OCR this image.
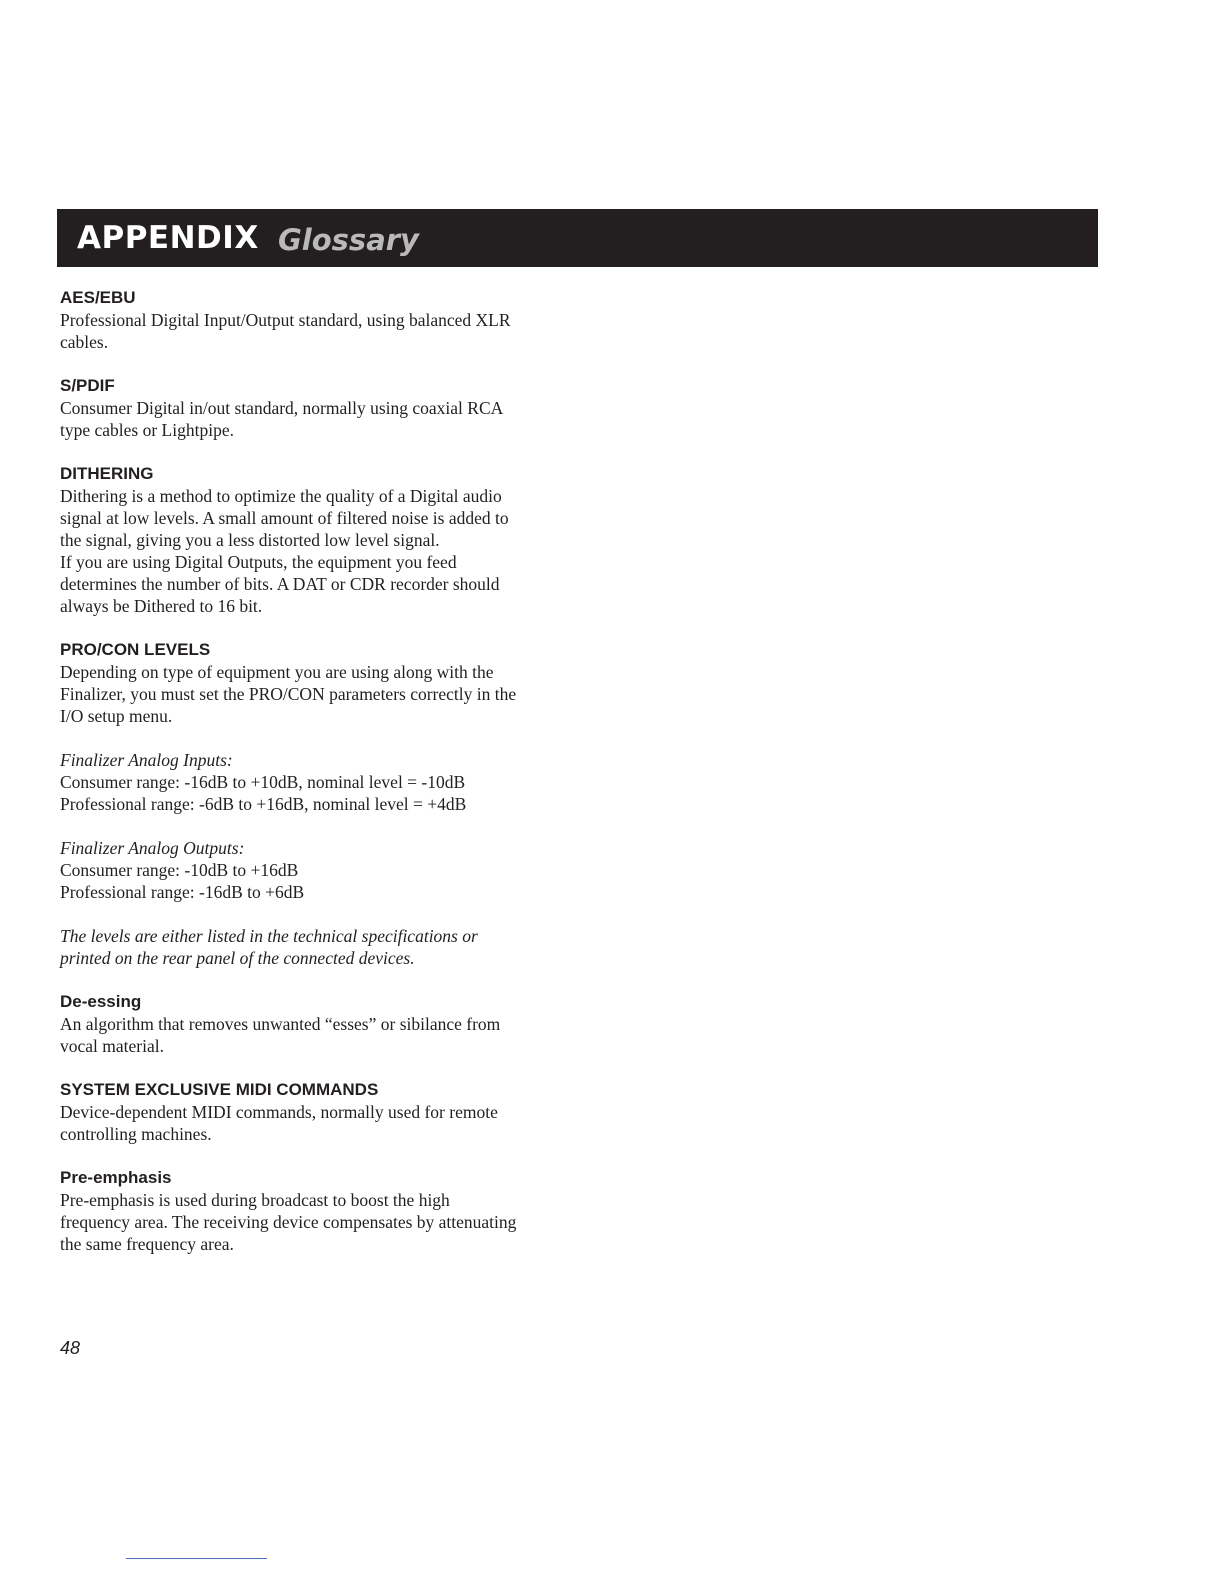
APPENDIX Glossary
AES/EBU
Professional Digital Input/Output standard, using balanced XLR
cables.
S/PDIF
Consumer Digital in/out standard, normally using coaxial RCA
type cables or Lightpipe.
DITHERING
Dithering is a method to optimize the quality of a Digital audio
signal at low levels. A small amount of filtered noise is added to
the signal, giving you a less distorted low level signal.
If you are using Digital Outputs, the equipment you feed
determines the number of bits. A DAT or CDR recorder should
always be Dithered to 16 bit.
PRO/CON LEVELS
Depending on type of equipment you are using along with the
Finalizer, you must set the PRO/CON parameters correctly in the
I/O setup menu.
Finalizer Analog Inputs:
Consumer range: -16dB to +10dB, nominal level = -10dB
Professional range: -6dB to +16dB, nominal level = +4dB
Finalizer Analog Outputs:
Consumer range: -10dB to +16dB
Professional range: -16dB to +6dB
The levels are either listed in the technical specifications or
printed on the rear panel of the connected devices.
De-essing
An algorithm that removes unwanted “esses” or sibilance from
vocal material.
SYSTEM EXCLUSIVE MIDI COMMANDS
Device-dependent MIDI commands, normally used for remote
controlling machines.
Pre-emphasis
Pre-emphasis is used during broadcast to boost the high
frequency area. The receiving device compensates by attenuating
the same frequency area.
48
